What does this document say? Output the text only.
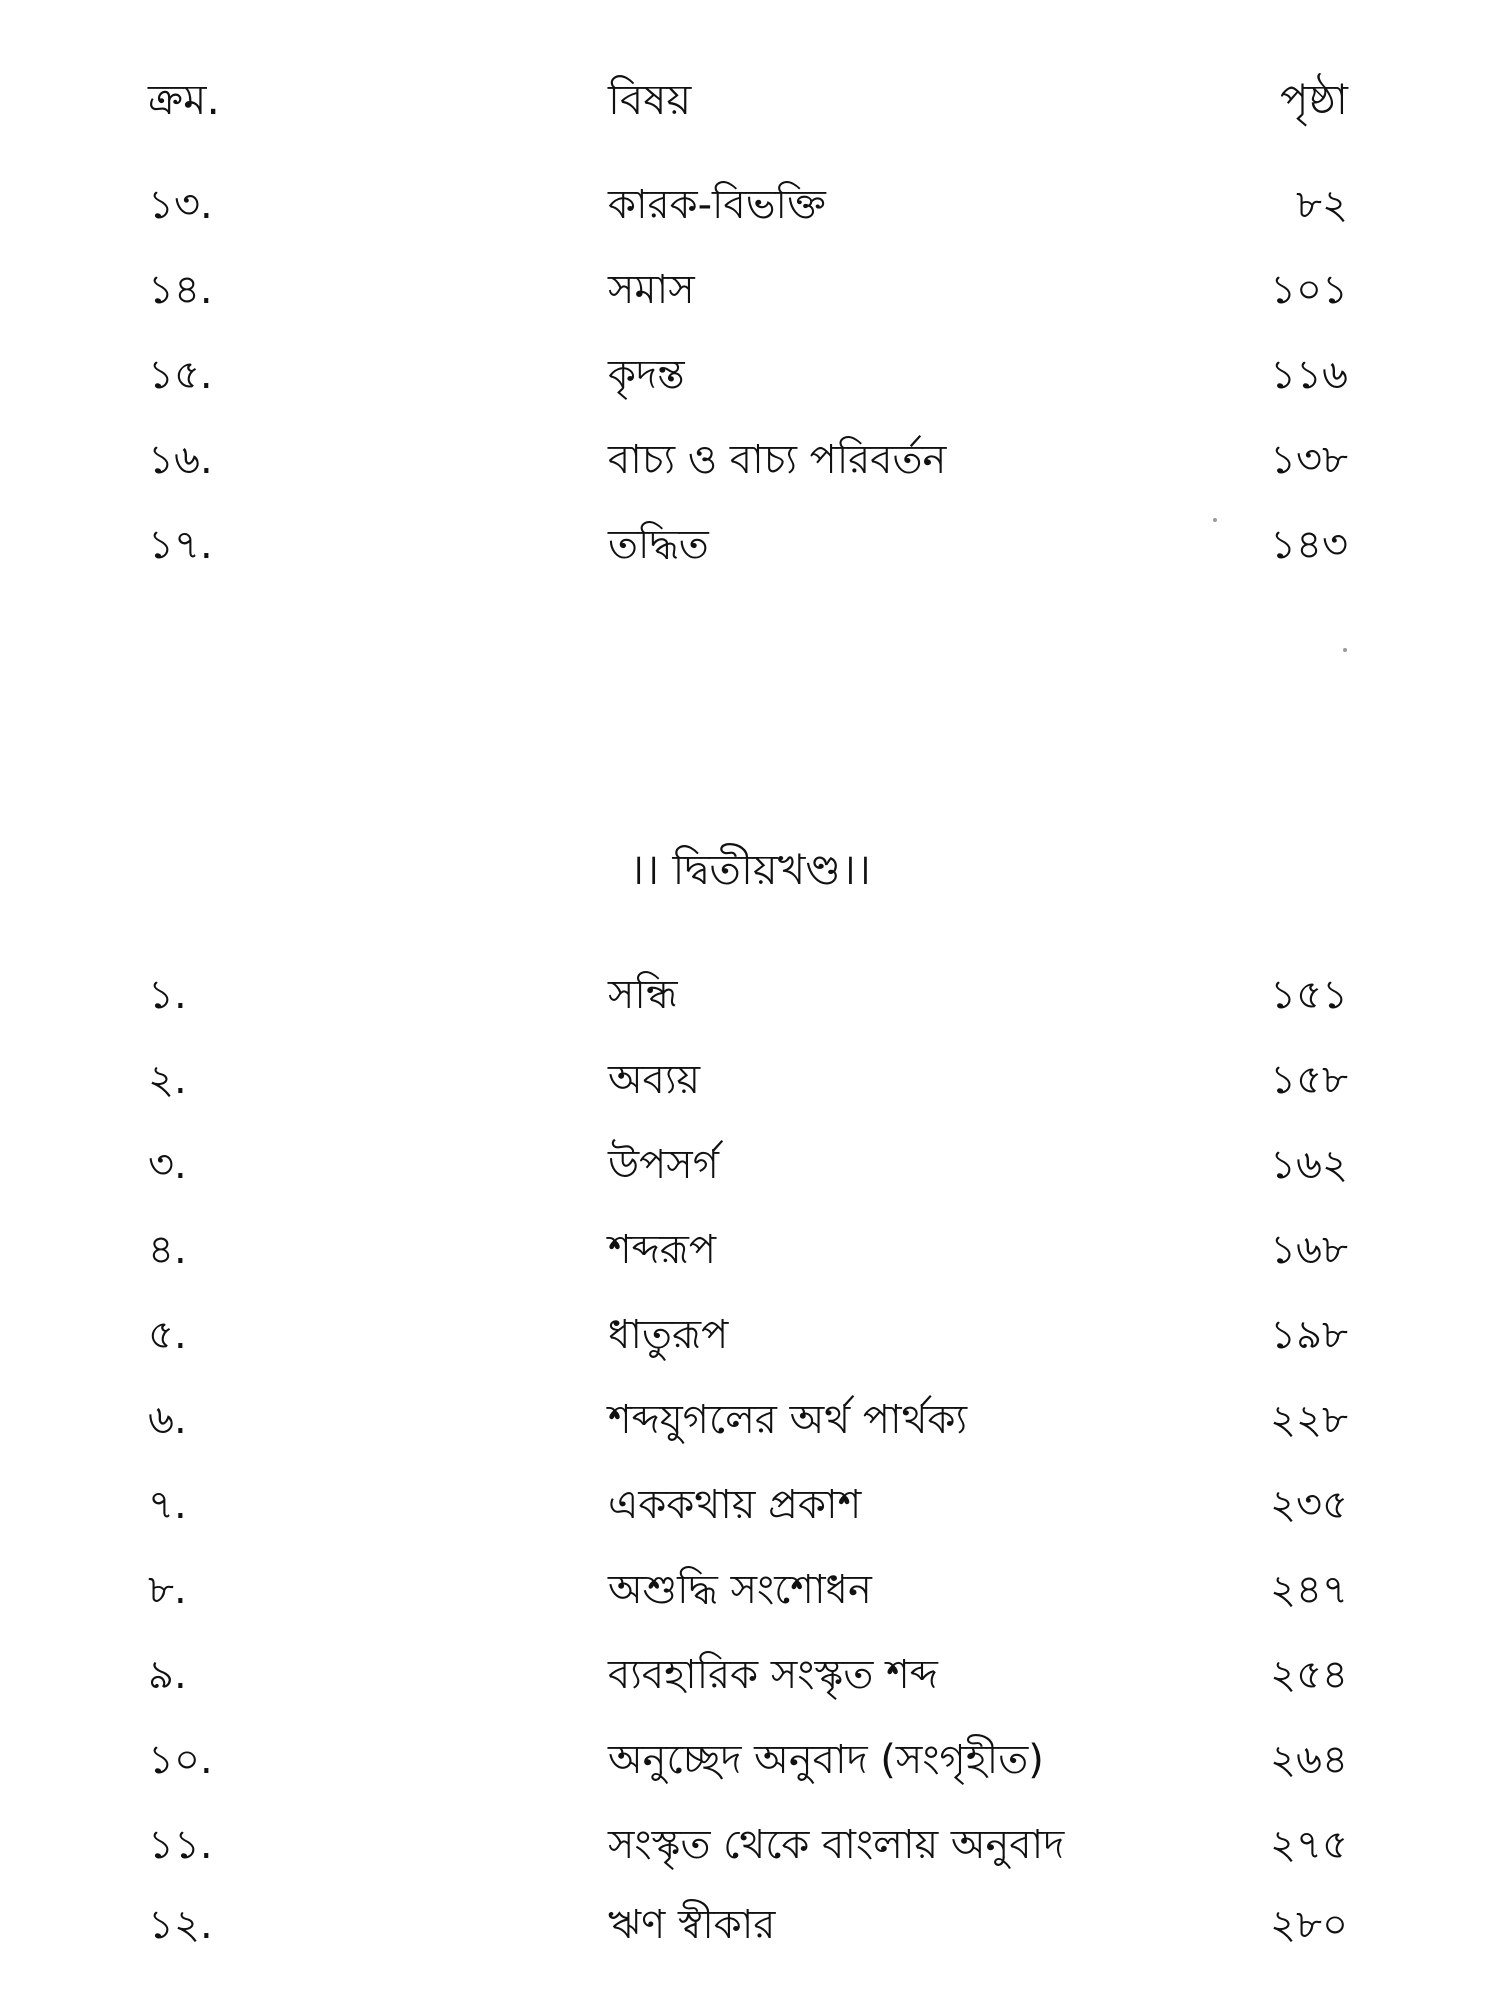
ক্রম.	বিষয়	পৃষ্ঠা
১৩.	কারক-বিভক্তি	৮২
১৪.	সমাস	১০১
১৫.	কৃদন্ত	১১৬
১৬.	বাচ্য ও বাচ্য পরিবর্তন	১৩৮
১৭.	তদ্ধিত	১৪৩
।। দ্বিতীয়খণ্ড।।
১.	সন্ধি	১৫১
২.	অব্যয়	১৫৮
৩.	উপসর্গ	১৬২
৪.	শব্দরূপ	১৬৮
৫.	ধাতুরূপ	১৯৮
৬.	শব্দযুগলের অর্থ পার্থক্য	২২৮
৭.	এককথায় প্রকাশ	২৩৫
৮.	অশুদ্ধি সংশোধন	২৪৭
৯.	ব্যবহারিক সংস্কৃত শব্দ	২৫৪
১০.	অনুচ্ছেদ অনুবাদ (সংগৃহীত)	২৬৪
১১.	সংস্কৃত থেকে বাংলায় অনুবাদ	২৭৫
১২.	ঋণ স্বীকার	২৮০
